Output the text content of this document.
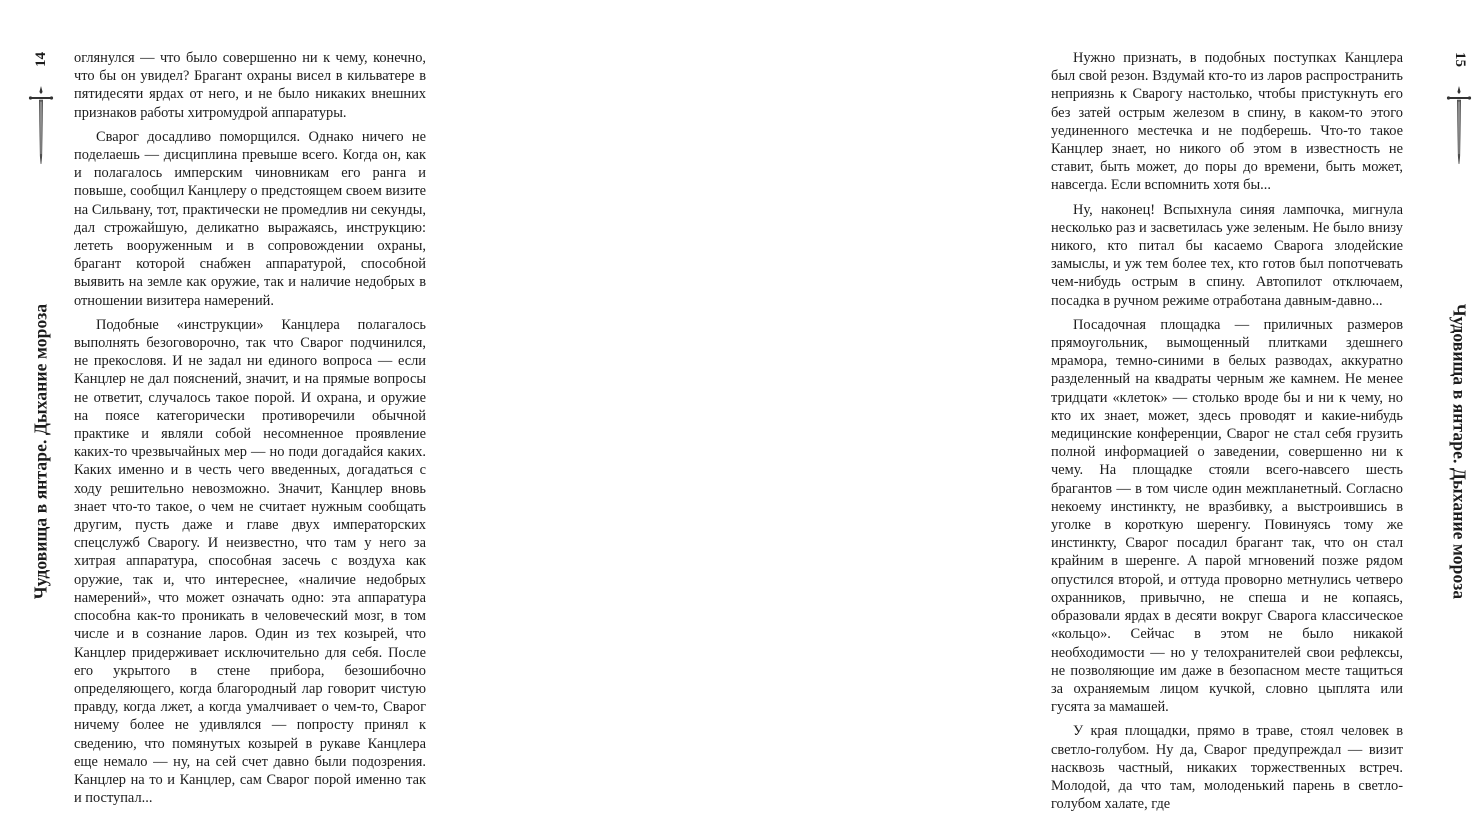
14
Чудовища в янтаре. Дыхание мороза

оглянулся — что было совершенно ни к чему, конечно, что бы он увидел? Брагант охраны висел в кильватере в пятидесяти ярдах от него, и не было никаких внешних признаков работы хитромудрой аппаратуры.

Сварог досадливо поморщился. Однако ничего не поделаешь — дисциплина превыше всего. Когда он, как и полагалось имперским чиновникам его ранга и повыше, сообщил Канцлеру о предстоящем своем визите на Сильвану, тот, практически не промедлив ни секунды, дал строжайшую, деликатно выражаясь, инструкцию: лететь вооруженным и в сопровождении охраны, брагант которой снабжен аппаратурой, способной выявить на земле как оружие, так и наличие недобрых в отношении визитера намерений.

Подобные «инструкции» Канцлера полагалось выполнять безоговорочно, так что Сварог подчинился, не прекословя. И не задал ни единого вопроса — если Канцлер не дал пояснений, значит, и на прямые вопросы не ответит, случалось такое порой. И охрана, и оружие на поясе категорически противоречили обычной практике и являли собой несомненное проявление каких-то чрезвычайных мер — но поди догадайся каких. Каких именно и в честь чего введенных, догадаться с ходу решительно невозможно. Значит, Канцлер вновь знает что-то такое, о чем не считает нужным сообщать другим, пусть даже и главе двух императорских спецслужб Сварогу. И неизвестно, что там у него за хитрая аппаратура, способная засечь с воздуха как оружие, так и, что интереснее, «наличие недобрых намерений», что может означать одно: эта аппаратура способна как-то проникать в человеческий мозг, в том числе и в сознание ларов. Один из тех козырей, что Канцлер придерживает исключительно для себя. После его укрытого в стене прибора, безошибочно определяющего, когда благородный лар говорит чистую правду, когда лжет, а когда умалчивает о чем-то, Сварог ничему более не удивлялся — попросту принял к сведению, что помянутых козырей в рукаве Канцлера еще немало — ну, на сей счет давно были подозрения. Канцлер на то и Канцлер, сам Сварог порой именно так и поступал...

Нужно признать, в подобных поступках Канцлера был свой резон. Вздумай кто-то из ларов распространить неприязнь к Сварогу настолько, чтобы пристукнуть его без затей острым железом в спину, в каком-то этого уединенного местечка и не подберешь. Что-то такое Канцлер знает, но никого об этом в известность не ставит, быть может, до поры до времени, быть может, навсегда. Если вспомнить хотя бы...

Ну, наконец! Вспыхнула синяя лампочка, мигнула несколько раз и засветилась уже зеленым. Не было внизу никого, кто питал бы касаемо Сварога злодейские замыслы, и уж тем более тех, кто готов был попотчевать чем-нибудь острым в спину. Автопилот отключаем, посадка в ручном режиме отработана давным-давно...

Посадочная площадка — приличных размеров прямоугольник, вымощенный плитками здешнего мрамора, темно-синими в белых разводах, аккуратно разделенный на квадраты черным же камнем. Не менее тридцати «клеток» — столько вроде бы и ни к чему, но кто их знает, может, здесь проводят и какие-нибудь медицинские конференции, Сварог не стал себя грузить полной информацией о заведении, совершенно ни к чему. На площадке стояли всего-навсего шесть брагантов — в том числе один межпланетный. Согласно некоему инстинкту, не вразбивку, а выстроившись в уголке в короткую шеренгу. Повинуясь тому же инстинкту, Сварог посадил брагант так, что он стал крайним в шеренге. А парой мгновений позже рядом опустился второй, и оттуда проворно метнулись четверо охранников, привычно, не спеша и не копаясь, образовали ярдах в десяти вокруг Сварога классическое «кольцо». Сейчас в этом не было никакой необходимости — но у телохранителей свои рефлексы, не позволяющие им даже в безопасном месте тащиться за охраняемым лицом кучкой, словно цыплята или гусята за мамашей.

У края площадки, прямо в траве, стоял человек в светло-голубом. Ну да, Сварог предупреждал — визит насквозь частный, никаких торжественных встреч. Молодой, да что там, молоденький парень в светло-голубом халате, где

15
Чудовища в янтаре. Дыхание мороза
